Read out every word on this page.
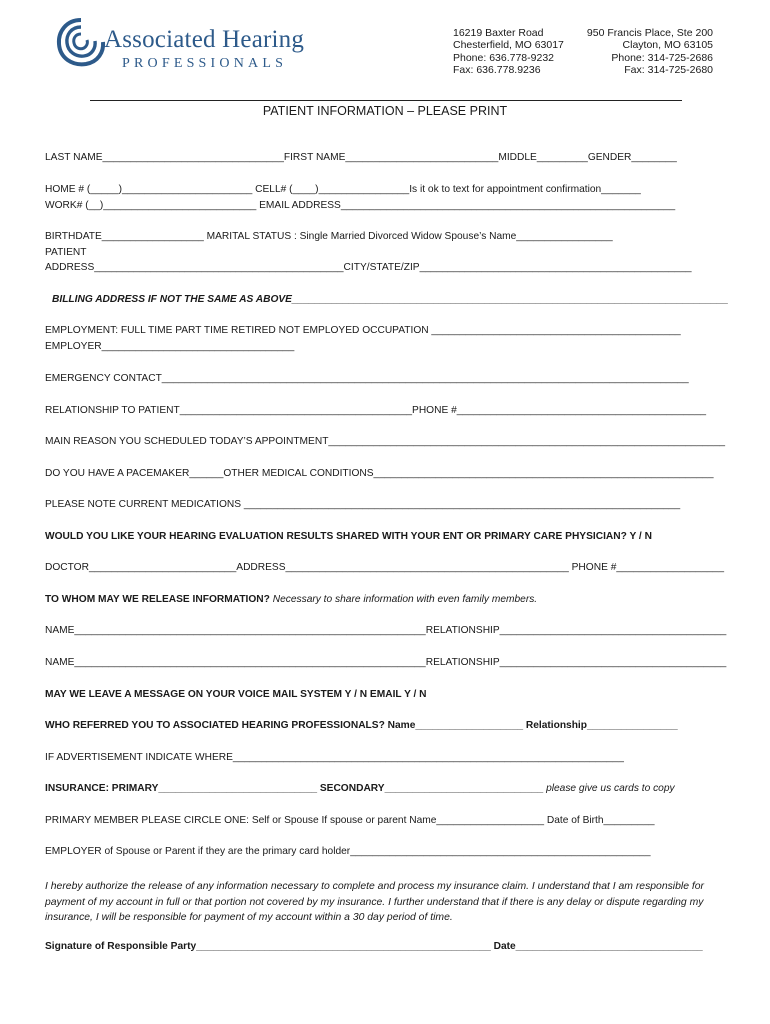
Associated Hearing
PROFESSIONALS
16219 Baxter Road
Chesterfield, MO 63017
Phone: 636.778-9232
Fax: 636.778.9236
950 Francis Place, Ste 200
Clayton, MO 63105
Phone: 314-725-2686
Fax: 314-725-2680
PATIENT INFORMATION – PLEASE PRINT
LAST NAME________________________________FIRST NAME___________________________MIDDLE_________GENDER________
HOME # (_____)_______________________ CELL# (____)________________Is it ok to text for appointment confirmation_______
WORK# (__)___________________________ EMAIL ADDRESS___________________________________________________________
BIRTHDATE__________________ MARITAL STATUS : Single Married Divorced Widow Spouse’s Name_________________
PATIENT
ADDRESS____________________________________________CITY/STATE/ZIP________________________________________________
BILLING ADDRESS IF NOT THE SAME AS ABOVE_____________________________________________________________________________
EMPLOYMENT: FULL TIME PART TIME RETIRED NOT EMPLOYED OCCUPATION ____________________________________________
EMPLOYER__________________________________
EMERGENCY CONTACT_____________________________________________________________________________________________
RELATIONSHIP TO PATIENT_________________________________________PHONE #____________________________________________
MAIN REASON YOU SCHEDULED TODAY’S APPOINTMENT______________________________________________________________________
DO YOU HAVE A PACEMAKER______OTHER MEDICAL CONDITIONS____________________________________________________________
PLEASE NOTE CURRENT MEDICATIONS _____________________________________________________________________________
WOULD YOU LIKE YOUR HEARING EVALUATION RESULTS SHARED WITH YOUR ENT OR PRIMARY CARE PHYSICIAN? Y / N
DOCTOR__________________________ADDRESS__________________________________________________ PHONE #___________________
TO WHOM MAY WE RELEASE INFORMATION? Necessary to share information with even family members.
NAME______________________________________________________________RELATIONSHIP________________________________________
NAME______________________________________________________________RELATIONSHIP________________________________________
MAY WE LEAVE A MESSAGE ON YOUR VOICE MAIL SYSTEM Y / N EMAIL Y / N
WHO REFERRED YOU TO ASSOCIATED HEARING PROFESSIONALS? Name___________________ Relationship________________
IF ADVERTISEMENT INDICATE WHERE_____________________________________________________________________
INSURANCE: PRIMARY____________________________ SECONDARY____________________________ please give us cards to copy
PRIMARY MEMBER PLEASE CIRCLE ONE: Self or Spouse If spouse or parent Name___________________ Date of Birth_________
EMPLOYER of Spouse or Parent if they are the primary card holder_____________________________________________________
I hereby authorize the release of any information necessary to complete and process my insurance claim. I understand that I am responsible for payment of my account in full or that portion not covered by my insurance. I further understand that if there is any delay or dispute regarding my insurance, I will be responsible for payment of my account within a 30 day period of time.
Signature of Responsible Party____________________________________________________ Date_________________________________
